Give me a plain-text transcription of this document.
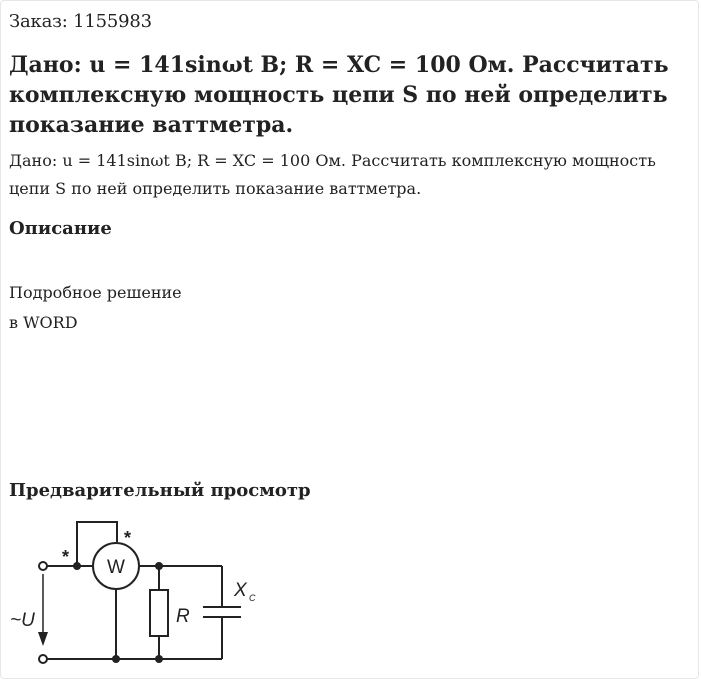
Заказ: 1155983
Дано: u = 141sinωt B; R = XC = 100 Ом. Рассчитать комплексную мощность цепи S по ней определить показание ваттметра.

Дано: u = 141sinωt B; R = XC = 100 Ом. Рассчитать комплексную мощность цепи S по ней определить показание ваттметра.

Описание
Подробное решение
в WORD
Предварительный просмотр
W
*
*
~U	R
X C
